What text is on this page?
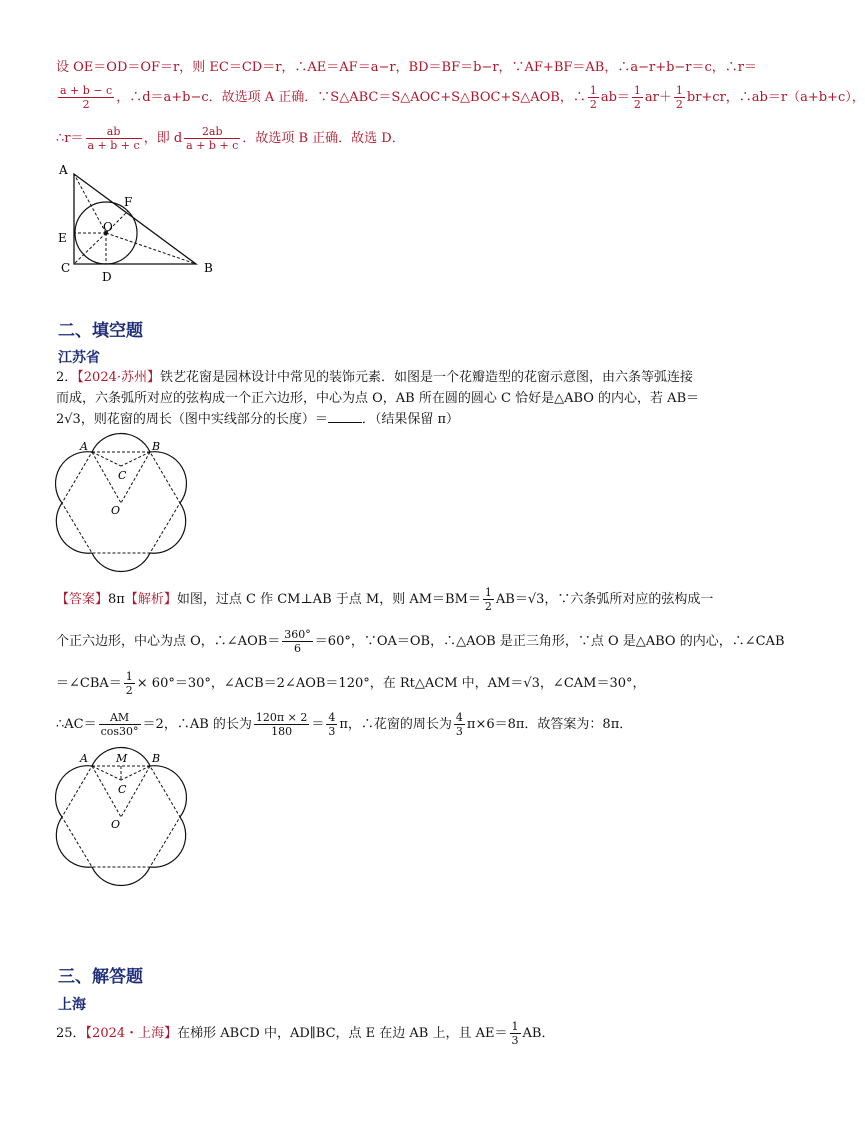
设 OE＝OD＝OF＝r，则 EC＝CD＝r，∴AE＝AF＝a−r，BD＝BF＝b−r，∵AF+BF＝AB，∴a−r+b−r＝c，∴r＝
$\frac{a + b - c}{2}$ ，∴d＝a+b−c．故选项 A 正确．∵S△ABC＝S△AOC+S△BOC+S△AOB，∴ $\frac{1}{2} ab= \frac{1}{2} ar+ \frac{1}{2} br+cr$，∴ab＝r（a+b+c），
∴r＝ $\frac{ab}{a + b + c}$ ，即 d $\frac{2ab}{a + b + c}$ ．故选项 B 正确．故选 D．
A
E
C
D
B
F
O
二、填空题
江苏省
2．【2024·苏州】铁艺花窗是园林设计中常见的装饰元素．如图是一个花瓣造型的花窗示意图，由六条等弧连接
而成，六条弧所对应的弦构成一个正六边形，中心为点 O，AB 所在圆的圆心 C 恰好是△ABO 的内心，若 AB＝
2√3，则花窗的周长（图中实线部分的长度）＝	．（结果保留 π）
A	B
C
O
【答案】8π【解析】如图，过点 C 作 CM⊥AB 于点 M，则 $AM=BM= \frac{1}{2} AB=√3$，∵六条弧所对应的弦构成一
个正六边形，中心为点 O，∴∠AOB＝ $\frac{360^\circ}{6} =60^\circ$，∵OA＝OB，∴△AOB 是正三角形，∵点 O 是△ABO 的内心，∴∠CAB
＝∠CBA＝ $\frac{1}{2} \times 60^\circ=30^\circ$，∠ACB＝2∠AOB＝120°，在 Rt△ACM 中，AM＝√3，∠CAM＝30°，
∴AC＝ $\frac{AM}{\cos 30^\circ} =2$，∴AB 的长为 $\frac{120\pi \times 2}{180} = \frac{4}{3}$ π，∴花窗的周长为 $\frac{4}{3} \pi\times 6=8\pi$．故答案为：8π．
A	B
M
C
O
三、解答题
上海
25．【2024・上海】在梯形 ABCD 中，AD∥BC，点 E 在边 AB 上，且 $AE= \frac{1}{3}$ AB．
